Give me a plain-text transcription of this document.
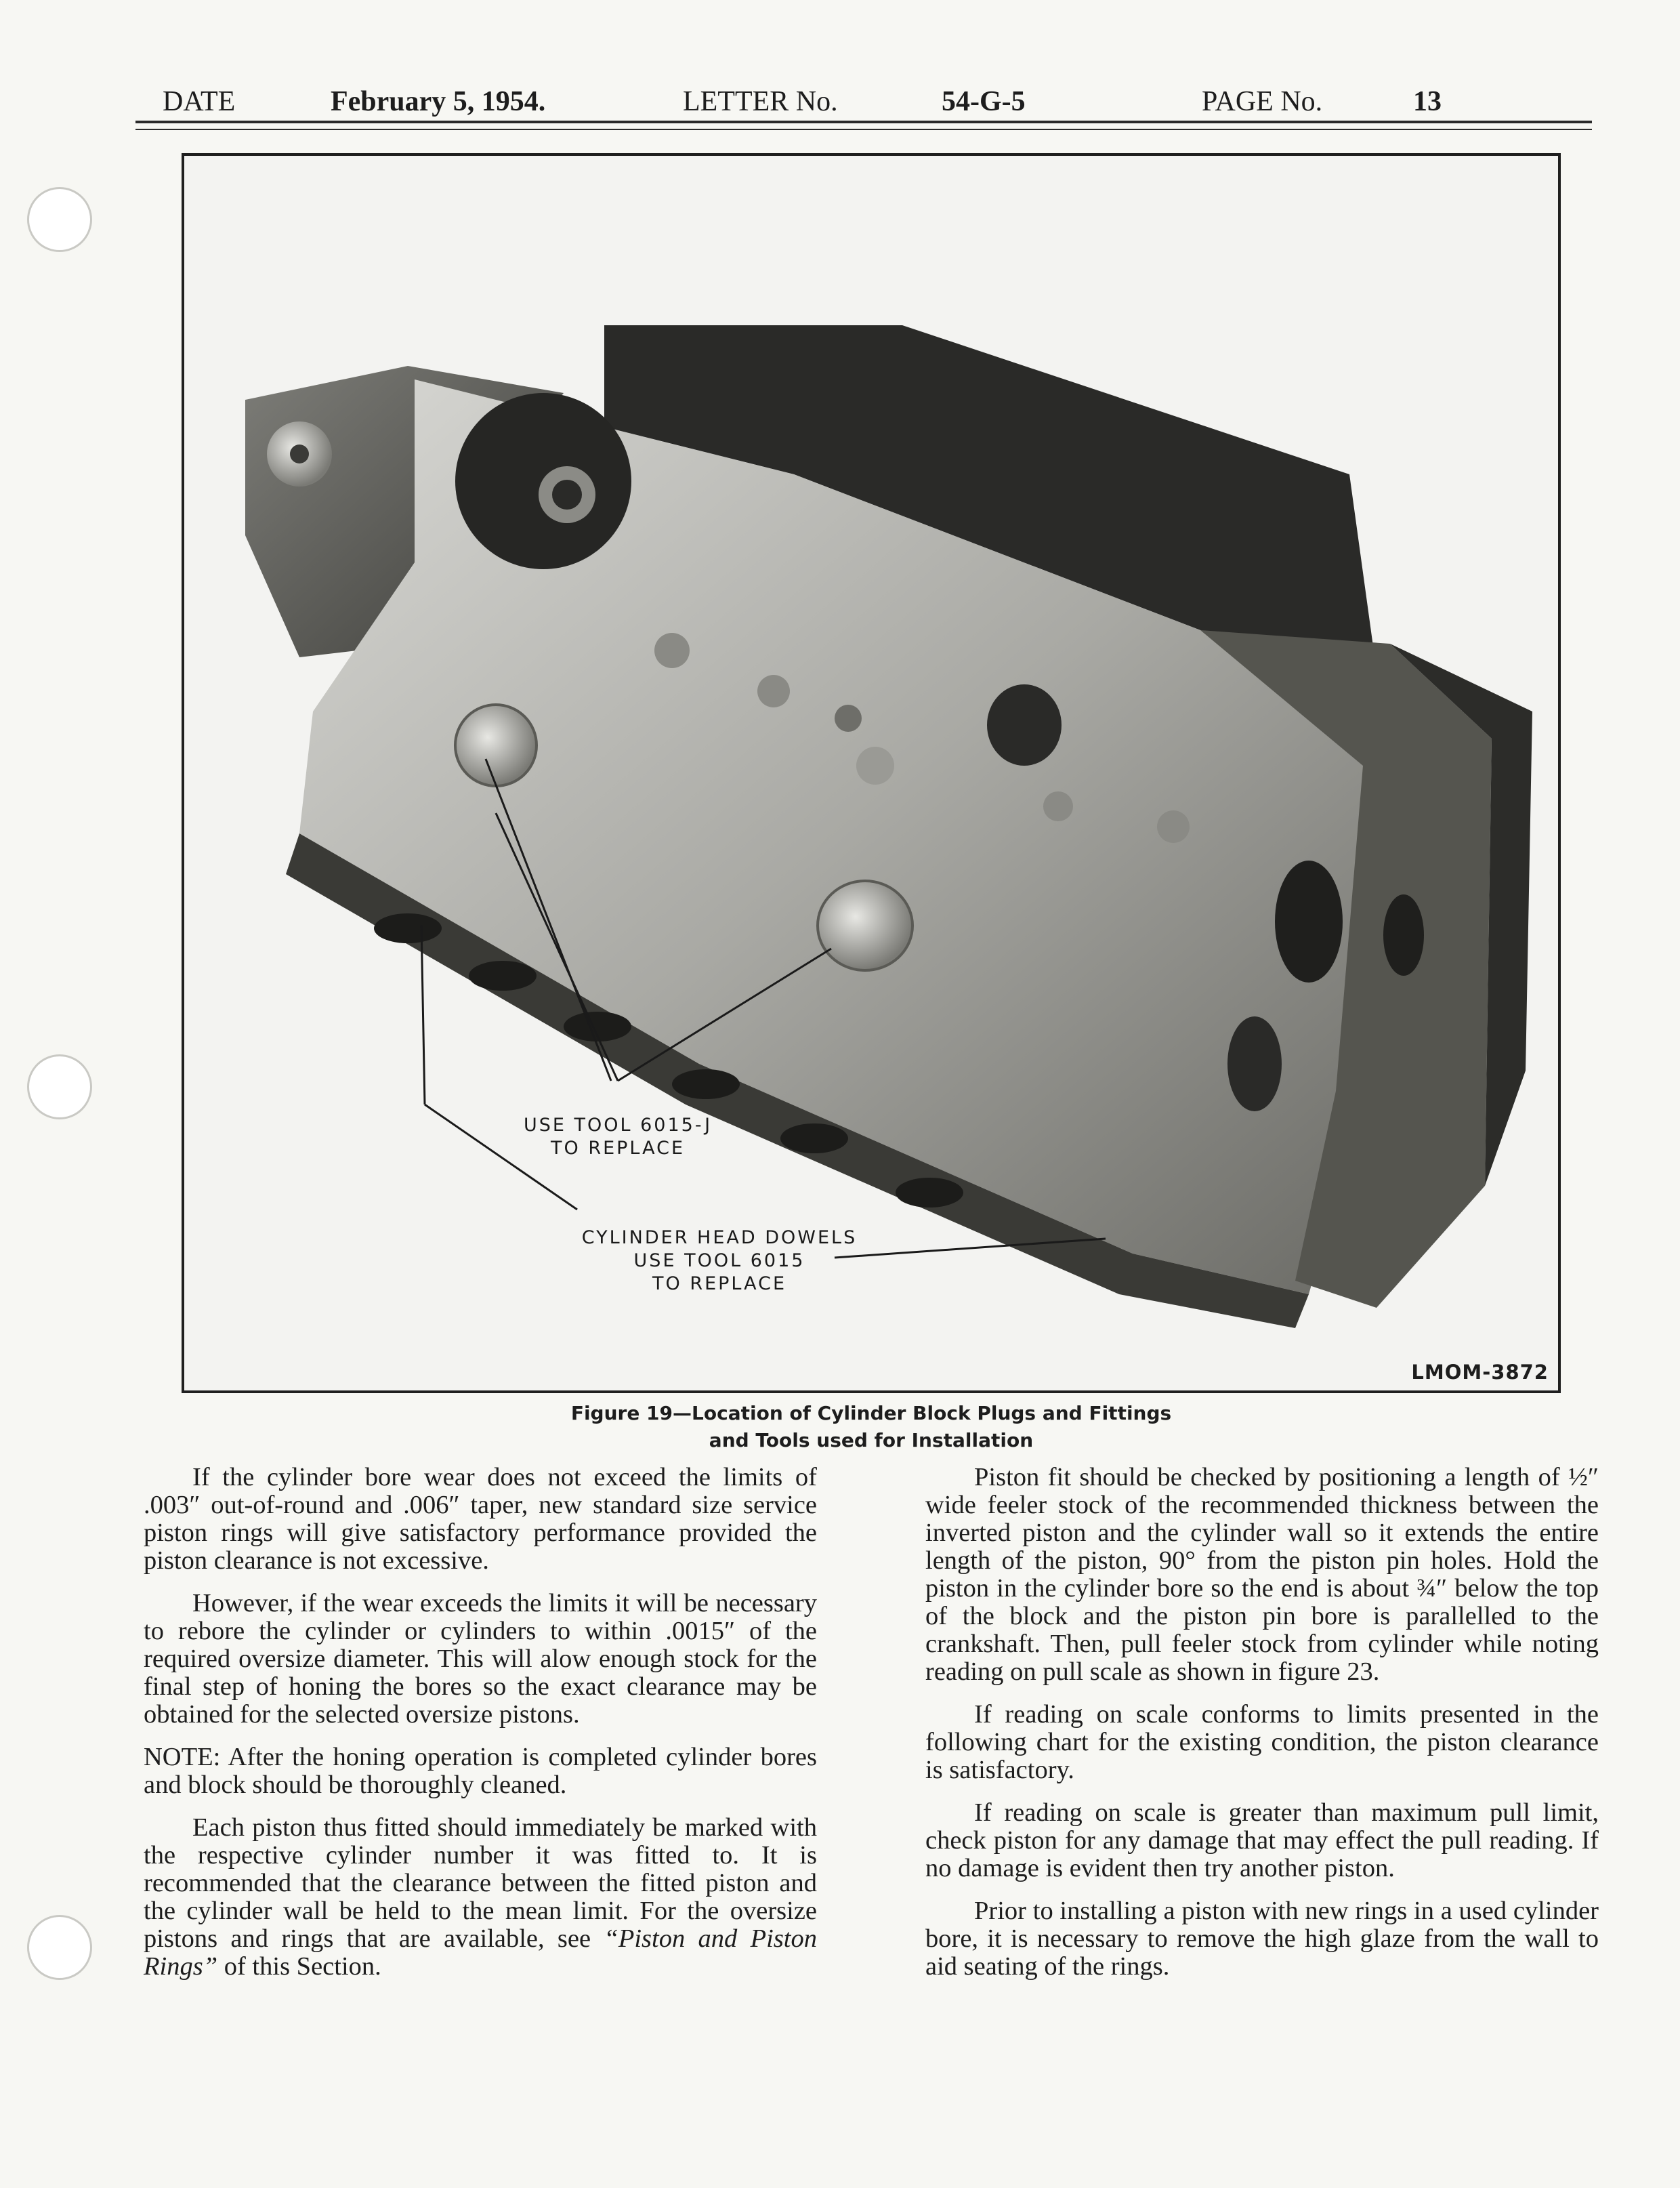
DATE	February 5, 1954.	LETTER No.	54-G-5	PAGE No.	13
USE TOOL 6015-J
TO REPLACE
CYLINDER HEAD DOWELS
USE TOOL 6015
TO REPLACE
LMOM-3872
Figure 19—Location of Cylinder Block Plugs and Fittings
and Tools used for Installation

If the cylinder bore wear does not exceed the limits of .003″ out-of-round and .006″ taper, new standard size service piston rings will give satisfactory performance provided the piston clearance is not excessive.

However, if the wear exceeds the limits it will be necessary to rebore the cylinder or cylinders to within .0015″ of the required oversize diameter. This will alow enough stock for the final step of honing the bores so the exact clearance may be obtained for the selected oversize pistons.

NOTE: After the honing operation is completed cylinder bores and block should be thoroughly cleaned.

Each piston thus fitted should immediately be marked with the respective cylinder number it was fitted to. It is recommended that the clearance between the fitted piston and the cylinder wall be held to the mean limit. For the oversize pistons and rings that are available, see “Piston and Piston Rings” of this Section.

Piston fit should be checked by positioning a length of ½″ wide feeler stock of the recommended thickness between the inverted piston and the cylinder wall so it extends the entire length of the piston, 90° from the piston pin holes. Hold the piston in the cylinder bore so the end is about ¾″ below the top of the block and the piston pin bore is parallelled to the crankshaft. Then, pull feeler stock from cylinder while noting reading on pull scale as shown in figure 23.

If reading on scale conforms to limits presented in the following chart for the existing condition, the piston clearance is satisfactory.

If reading on scale is greater than maximum pull limit, check piston for any damage that may effect the pull reading. If no damage is evident then try another piston.

Prior to installing a piston with new rings in a used cylinder bore, it is necessary to remove the high glaze from the wall to aid seating of the rings.
